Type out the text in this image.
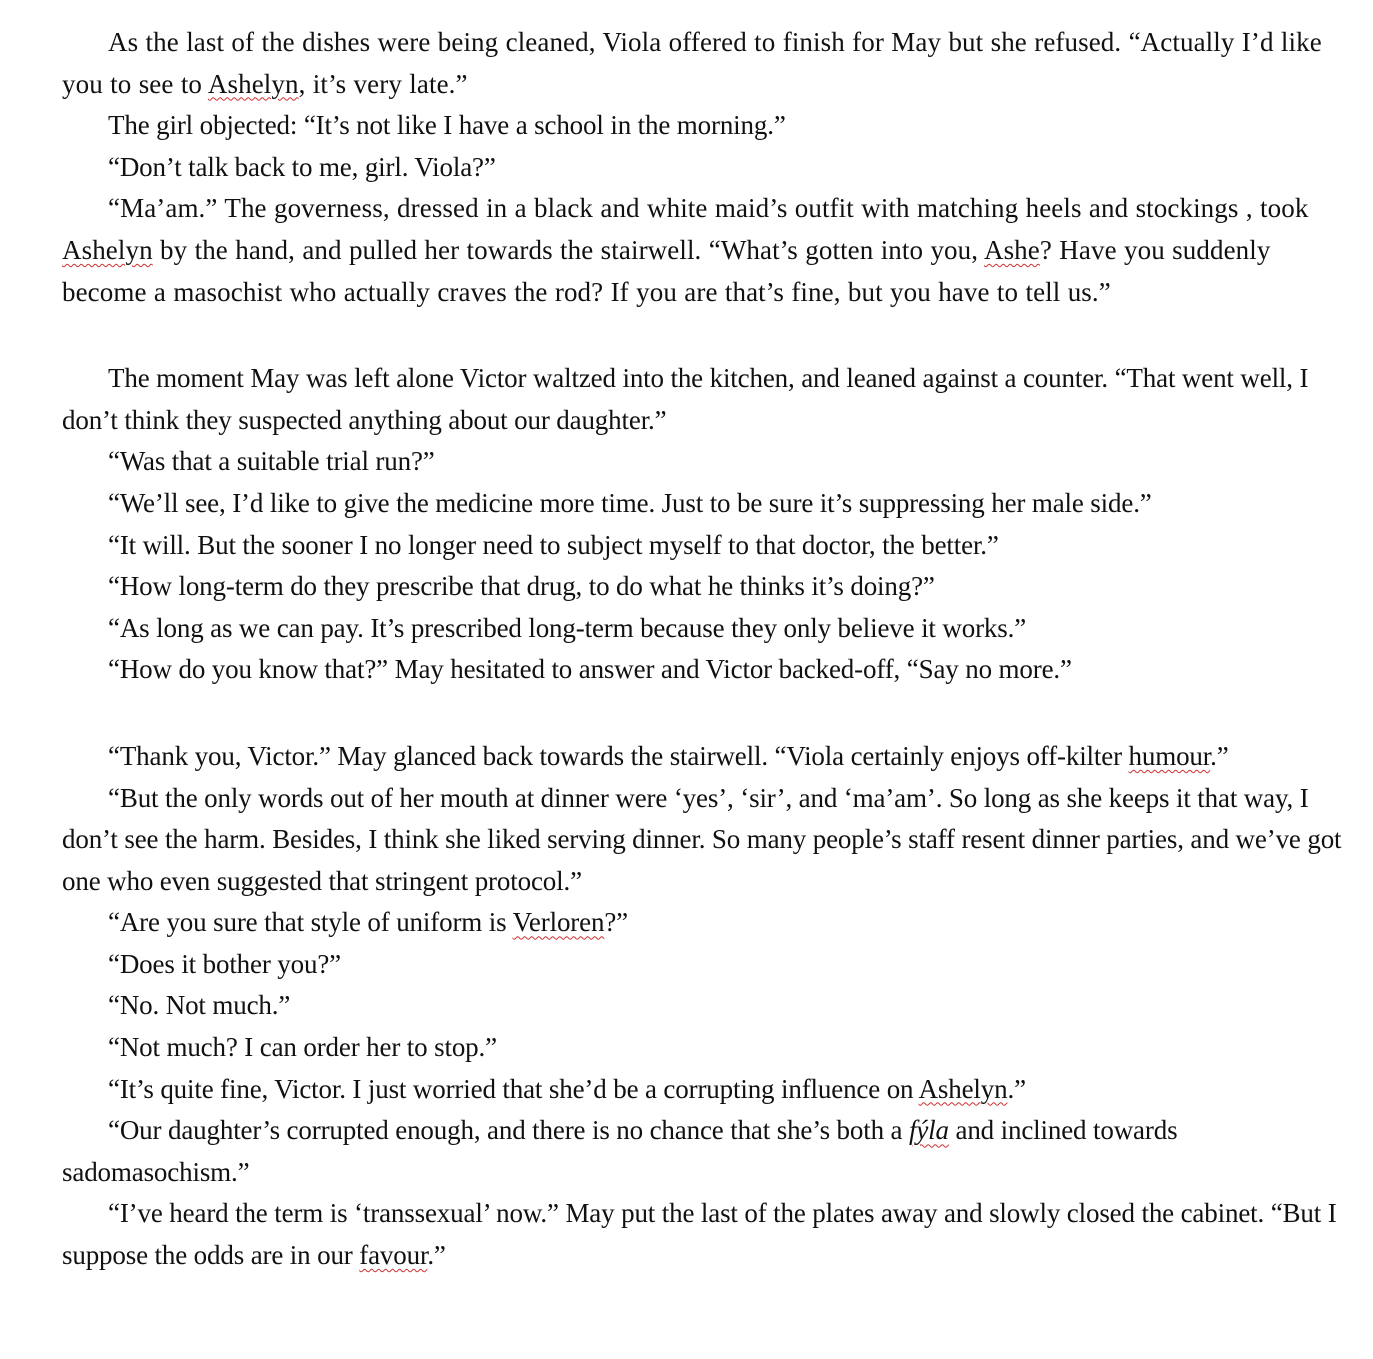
As the last of the dishes were being cleaned, Viola offered to finish for May but she refused. “Actually I’d like you to see to Ashelyn, it’s very late.”

The girl objected: “It’s not like I have a school in the morning.”

“Don’t talk back to me, girl. Viola?”

“Ma’am.” The governess, dressed in a black and white maid’s outfit with matching heels and stockings , took Ashelyn by the hand, and pulled her towards the stairwell. “What’s gotten into you, Ashe? Have you suddenly become a masochist who actually craves the rod? If you are that’s fine, but you have to tell us.”

The moment May was left alone Victor waltzed into the kitchen, and leaned against a counter. “That went well, I don’t think they suspected anything about our daughter.”

“Was that a suitable trial run?”

“We’ll see, I’d like to give the medicine more time. Just to be sure it’s suppressing her male side.”

“It will. But the sooner I no longer need to subject myself to that doctor, the better.”

“How long-term do they prescribe that drug, to do what he thinks it’s doing?”

“As long as we can pay. It’s prescribed long-term because they only believe it works.”

“How do you know that?” May hesitated to answer and Victor backed-off, “Say no more.”

“Thank you, Victor.” May glanced back towards the stairwell. “Viola certainly enjoys off-kilter humour.”

“But the only words out of her mouth at dinner were ‘yes’, ‘sir’, and ‘ma’am’. So long as she keeps it that way, I don’t see the harm. Besides, I think she liked serving dinner. So many people’s staff resent dinner parties, and we’ve got one who even suggested that stringent protocol.”

“Are you sure that style of uniform is Verloren?”

“Does it bother you?”

“No. Not much.”

“Not much? I can order her to stop.”

“It’s quite fine, Victor. I just worried that she’d be a corrupting influence on Ashelyn.”

“Our daughter’s corrupted enough, and there is no chance that she’s both a fýla and inclined towards sadomasochism.”

“I’ve heard the term is ‘transsexual’ now.” May put the last of the plates away and slowly closed the cabinet. “But I suppose the odds are in our favour.”
